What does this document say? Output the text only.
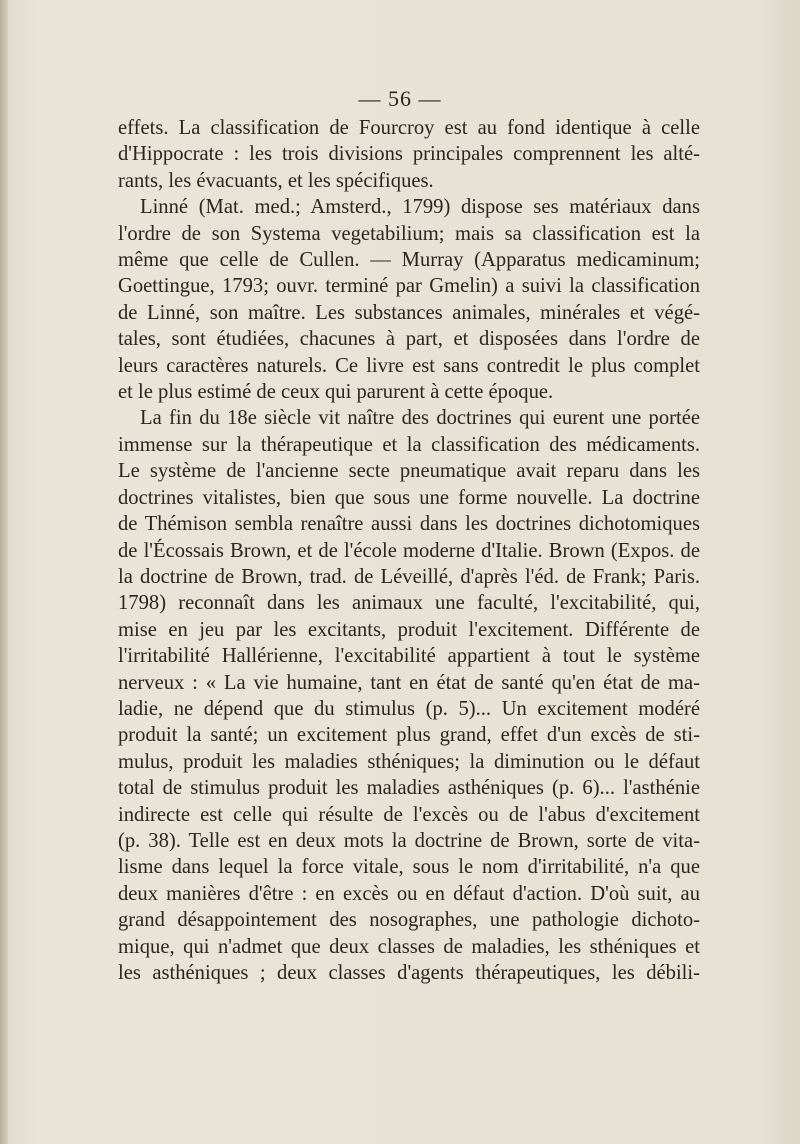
— 56 —

effets. La classification de Fourcroy est au fond identique à celle
d'Hippocrate : les trois divisions principales comprennent les alté-
rants, les évacuants, et les spécifiques.

Linné (Mat. med.; Amsterd., 1799) dispose ses matériaux dans
l'ordre de son Systema vegetabilium; mais sa classification est la
même que celle de Cullen. — Murray (Apparatus medicaminum;
Goettingue, 1793; ouvr. terminé par Gmelin) a suivi la classification
de Linné, son maître. Les substances animales, minérales et végé-
tales, sont étudiées, chacunes à part, et disposées dans l'ordre de
leurs caractères naturels. Ce livre est sans contredit le plus complet
et le plus estimé de ceux qui parurent à cette époque.

La fin du 18e siècle vit naître des doctrines qui eurent une portée
immense sur la thérapeutique et la classification des médicaments.
Le système de l'ancienne secte pneumatique avait reparu dans les
doctrines vitalistes, bien que sous une forme nouvelle. La doctrine
de Thémison sembla renaître aussi dans les doctrines dichotomiques
de l'Écossais Brown, et de l'école moderne d'Italie. Brown (Expos. de
la doctrine de Brown, trad. de Léveillé, d'après l'éd. de Frank; Paris.
1798) reconnaît dans les animaux une faculté, l'excitabilité, qui,
mise en jeu par les excitants, produit l'excitement. Différente de
l'irritabilité Hallérienne, l'excitabilité appartient à tout le système
nerveux : « La vie humaine, tant en état de santé qu'en état de ma-
ladie, ne dépend que du stimulus (p. 5)... Un excitement modéré
produit la santé; un excitement plus grand, effet d'un excès de sti-
mulus, produit les maladies sthéniques; la diminution ou le défaut
total de stimulus produit les maladies asthéniques (p. 6)... l'asthénie
indirecte est celle qui résulte de l'excès ou de l'abus d'excitement
(p. 38). Telle est en deux mots la doctrine de Brown, sorte de vita-
lisme dans lequel la force vitale, sous le nom d'irritabilité, n'a que
deux manières d'être : en excès ou en défaut d'action. D'où suit, au
grand désappointement des nosographes, une pathologie dichoto-
mique, qui n'admet que deux classes de maladies, les sthéniques et
les asthéniques ; deux classes d'agents thérapeutiques, les débili-
